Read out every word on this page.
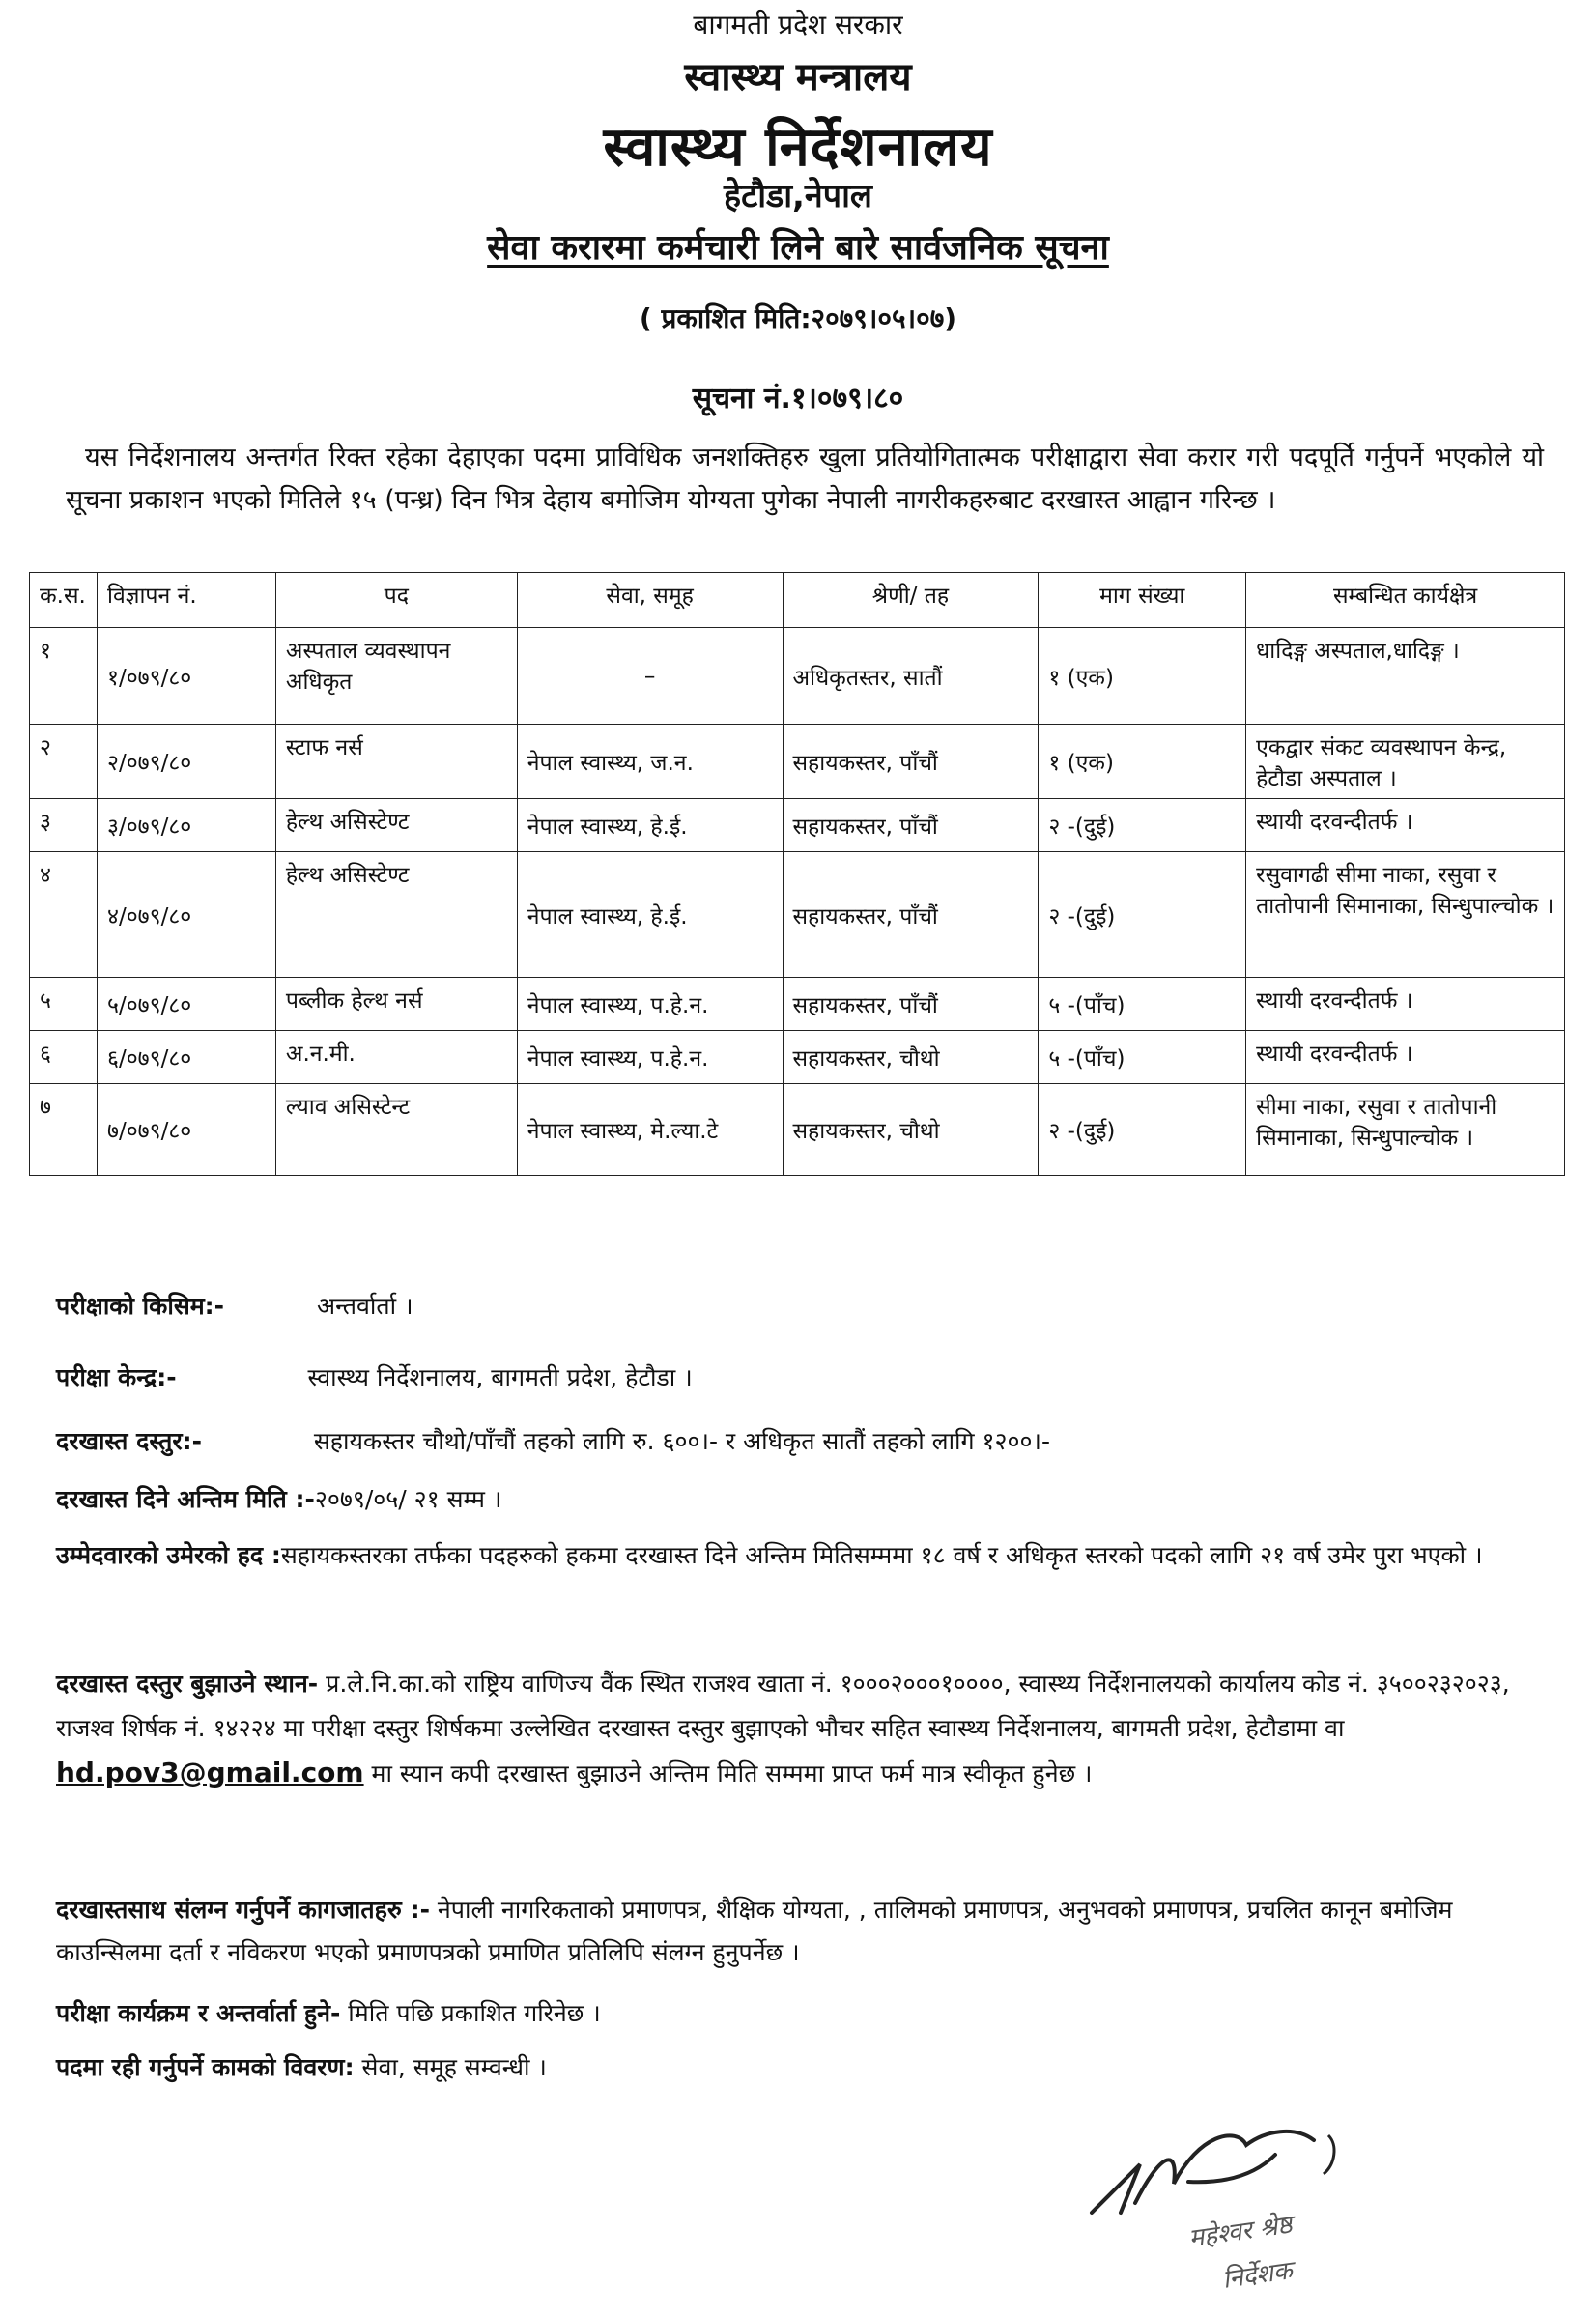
बागमती प्रदेश सरकार
स्वास्थ्य मन्त्रालय
स्वास्थ्य निर्देशनालय
हेटौडा,नेपाल
सेवा करारमा कर्मचारी लिने बारे सार्वजनिक सूचना
( प्रकाशित मिति:२०७९।०५।०७)
सूचना नं.१।०७९।८०
यस निर्देशनालय अन्तर्गत रिक्त रहेका देहाएका पदमा प्राविधिक जनशक्तिहरु खुला प्रतियोगितात्मक परीक्षाद्वारा सेवा करार गरी पदपूर्ति गर्नुपर्ने भएकोले यो सूचना प्रकाशन भएको मितिले १५ (पन्ध्र) दिन भित्र देहाय बमोजिम योग्यता पुगेका नेपाली नागरीकहरुबाट दरखास्त आह्वान गरिन्छ ।
क.स.	विज्ञापन नं.	पद	सेवा, समूह	श्रेणी/ तह	माग संख्या	सम्बन्धित कार्यक्षेत्र
१	१/०७९/८०	अस्पताल व्यवस्थापन अधिकृत	–	अधिकृतस्तर, सातौं	१ (एक)	धादिङ्ग अस्पताल,धादिङ्ग ।
२	२/०७९/८०	स्टाफ नर्स	नेपाल स्वास्थ्य, ज.न.	सहायकस्तर, पाँचौं	१ (एक)	एकद्वार संकट व्यवस्थापन केन्द्र, हेटौडा अस्पताल ।
३	३/०७९/८०	हेल्थ असिस्टेण्ट	नेपाल स्वास्थ्य, हे.ई.	सहायकस्तर, पाँचौं	२ -(दुई)	स्थायी दरवन्दीतर्फ ।
४	४/०७९/८०	हेल्थ असिस्टेण्ट	नेपाल स्वास्थ्य, हे.ई.	सहायकस्तर, पाँचौं	२ -(दुई)	रसुवागढी सीमा नाका, रसुवा र तातोपानी सिमानाका, सिन्धुपाल्चोक ।
५	५/०७९/८०	पब्लीक हेल्थ नर्स	नेपाल स्वास्थ्य, प.हे.न.	सहायकस्तर, पाँचौं	५ -(पाँच)	स्थायी दरवन्दीतर्फ ।
६	६/०७९/८०	अ.न.मी.	नेपाल स्वास्थ्य, प.हे.न.	सहायकस्तर, चौथो	५ -(पाँच)	स्थायी दरवन्दीतर्फ ।
७	७/०७९/८०	ल्याव असिस्टेन्ट	नेपाल स्वास्थ्य, मे.ल्या.टे	सहायकस्तर, चौथो	२ -(दुई)	सीमा नाका, रसुवा र तातोपानी सिमानाका, सिन्धुपाल्चोक ।
परीक्षाको किसिम:-	अन्तर्वार्ता ।
परीक्षा केन्द्र:-	स्वास्थ्य निर्देशनालय, बागमती प्रदेश, हेटौडा ।
दरखास्त दस्तुर:-	सहायकस्तर चौथो/पाँचौं तहको लागि रु. ६००।- र अधिकृत सातौं तहको लागि १२००।-
दरखास्त दिने अन्तिम मिति :-२०७९/०५/ २१ सम्म ।
उम्मेदवारको उमेरको हद :सहायकस्तरका तर्फका पदहरुको हकमा दरखास्त दिने अन्तिम मितिसम्ममा १८ वर्ष र अधिकृत स्तरको पदको लागि २१ वर्ष उमेर पुरा भएको ।
दरखास्त दस्तुर बुझाउने स्थान- प्र.ले.नि.का.को राष्ट्रिय वाणिज्य वैंक स्थित राजश्व खाता नं. १०००२०००१००००, स्वास्थ्य निर्देशनालयको कार्यालय कोड नं. ३५००२३२०२३, राजश्व शिर्षक नं. १४२२४ मा परीक्षा दस्तुर शिर्षकमा उल्लेखित दरखास्त दस्तुर बुझाएको भौचर सहित स्वास्थ्य निर्देशनालय, बागमती प्रदेश, हेटौडामा वा hd.pov3@gmail.com मा स्यान कपी दरखास्त बुझाउने अन्तिम मिति सम्ममा प्राप्त फर्म मात्र स्वीकृत हुनेछ ।
दरखास्तसाथ संलग्न गर्नुपर्ने कागजातहरु :- नेपाली नागरिकताको प्रमाणपत्र, शैक्षिक योग्यता, , तालिमको प्रमाणपत्र, अनुभवको प्रमाणपत्र, प्रचलित कानून बमोजिम काउन्सिलमा दर्ता र नविकरण भएको प्रमाणपत्रको प्रमाणित प्रतिलिपि संलग्न हुनुपर्नेछ ।
परीक्षा कार्यक्रम र अन्तर्वार्ता हुने- मिति पछि प्रकाशित गरिनेछ ।
पदमा रही गर्नुपर्ने कामको विवरण: सेवा, समूह सम्वन्धी ।
महेश्वर श्रेष्ठ
निर्देशक
